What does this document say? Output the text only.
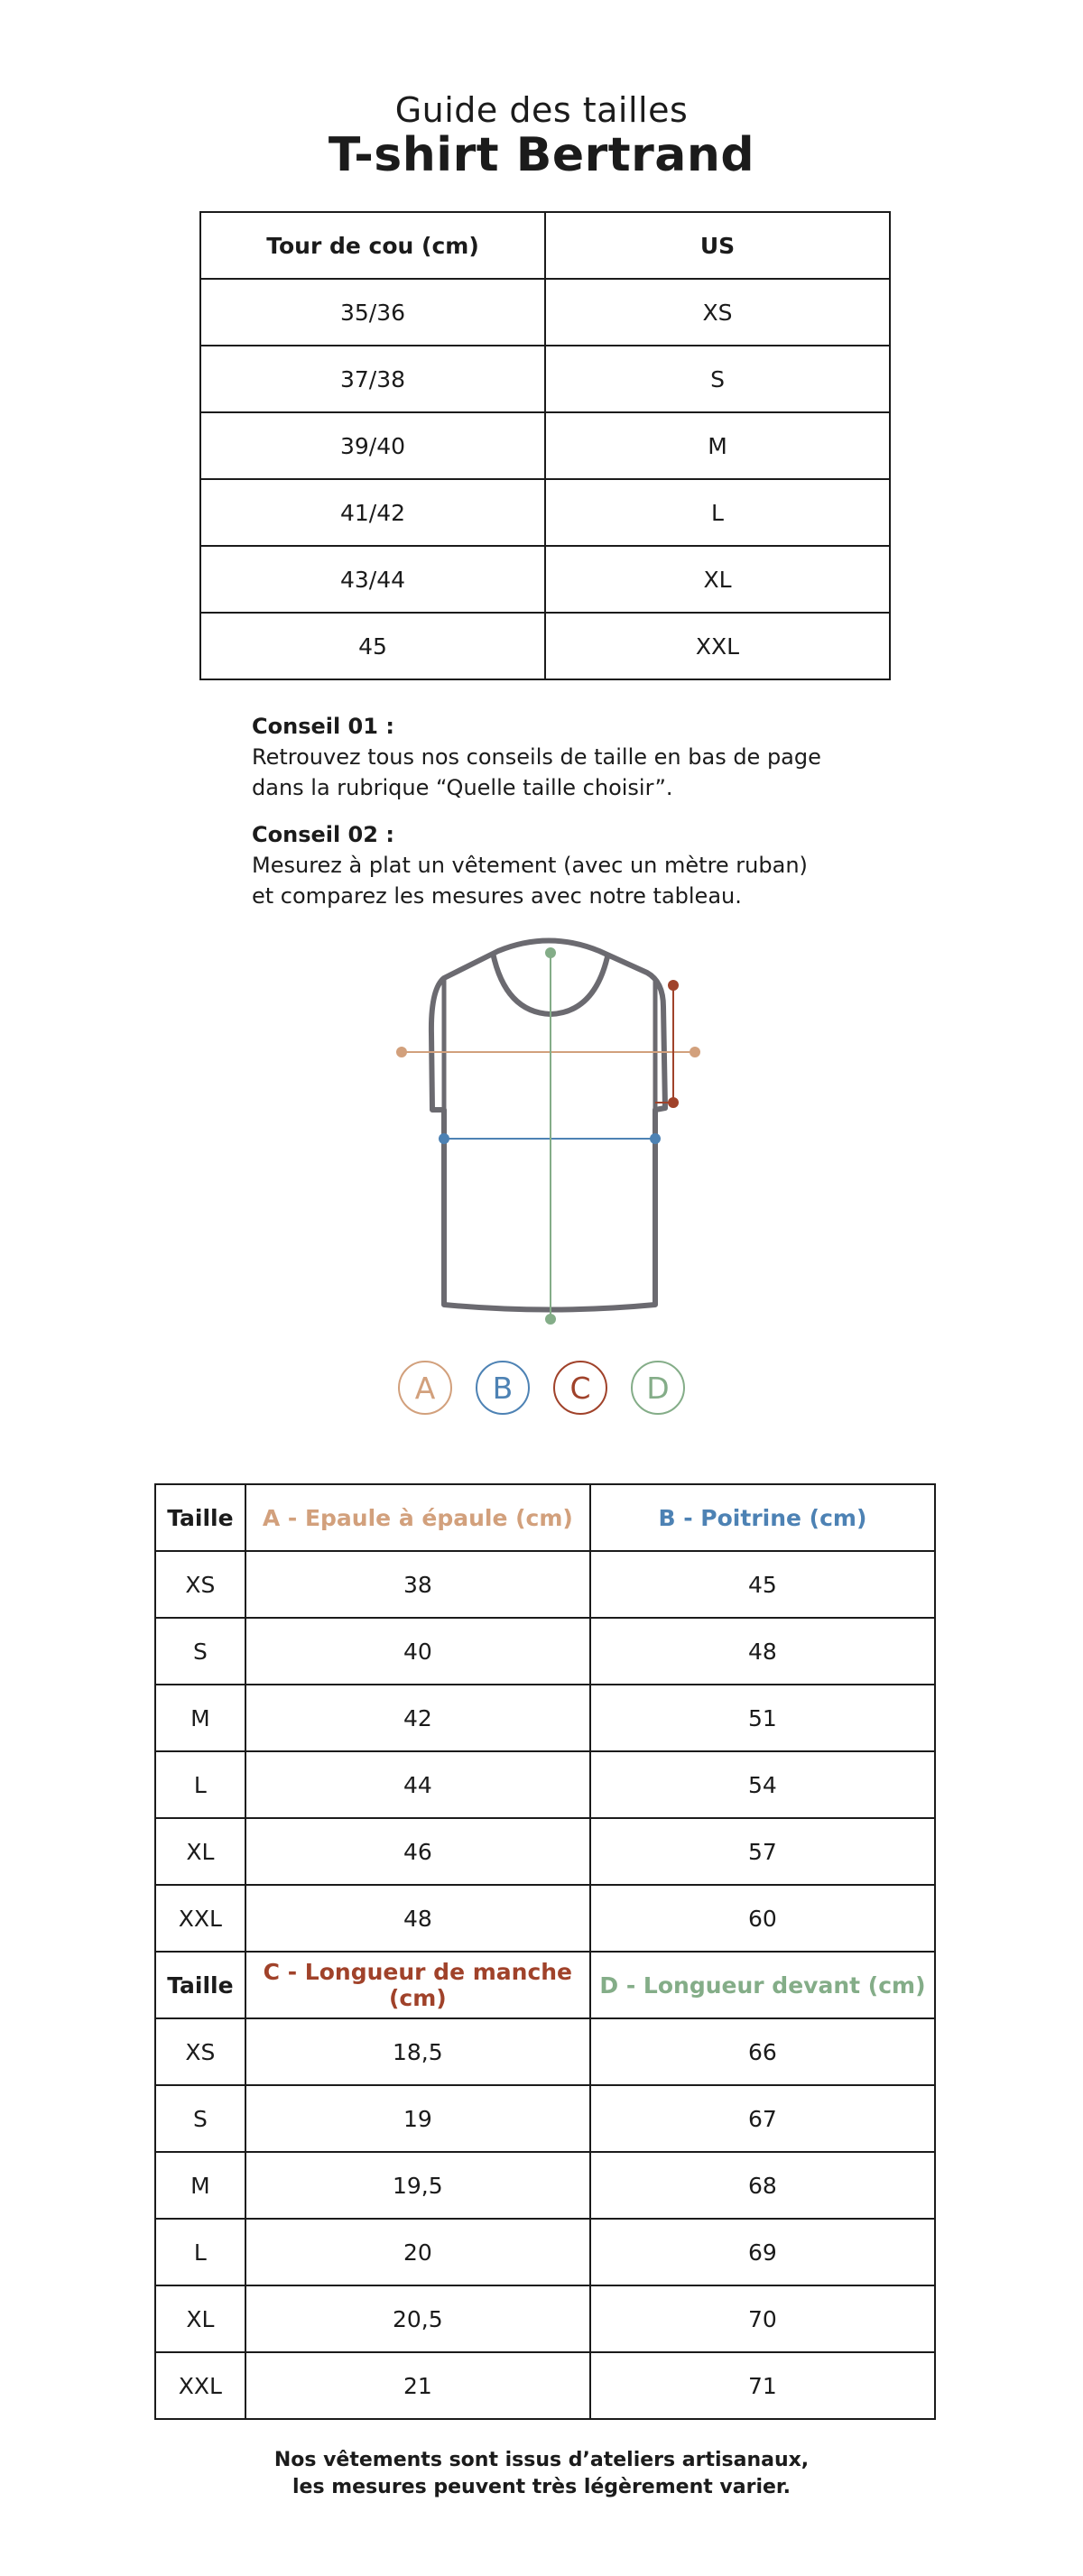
Guide des tailles
T-shirt Bertrand
Tour de cou (cm)	US
35/36	XS
37/38	S
39/40	M
41/42	L
43/44	XL
45	XXL
Conseil 01 :
Retrouvez tous nos conseils de taille en bas de page
dans la rubrique “Quelle taille choisir”.
Conseil 02 :
Mesurez à plat un vêtement (avec un mètre ruban)
et comparez les mesures avec notre tableau.
A	B	C	D
Taille	A - Epaule à épaule (cm)	B - Poitrine (cm)
XS	38	45
S	40	48
M	42	51
L	44	54
XL	46	57
XXL	48	60
Taille	C - Longueur de manche (cm)	D - Longueur devant (cm)
XS	18,5	66
S	19	67
M	19,5	68
L	20	69
XL	20,5	70
XXL	21	71
Nos vêtements sont issus d’ateliers artisanaux,
les mesures peuvent très légèrement varier.
